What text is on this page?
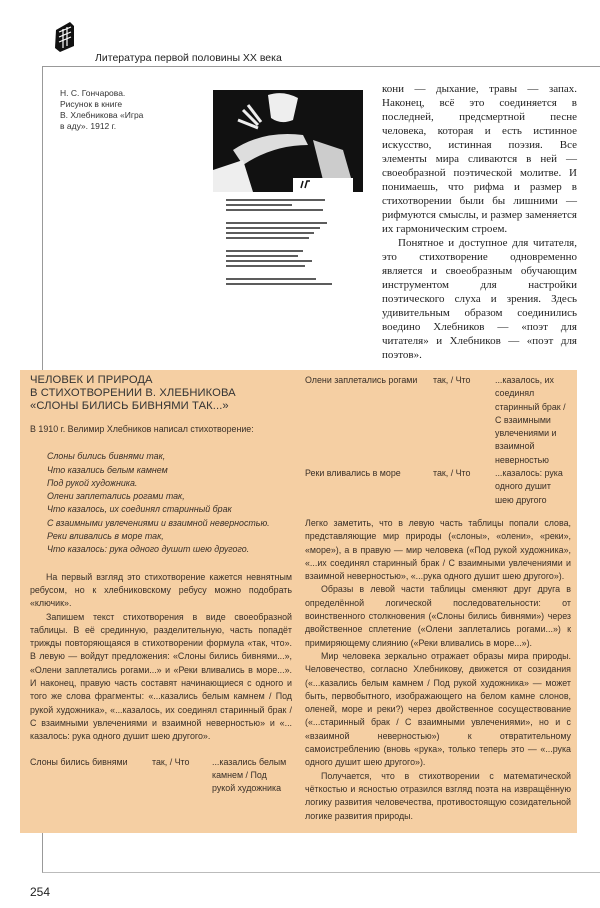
Литература первой половины XX века
Н. С. Гончарова.
Рисунок в книге
В. Хлебникова «Игра
в аду». 1912 г.

кони — дыхание, травы — запах. Наконец, всё это соединяется в последней, предсмертной песне человека, которая и есть истинное искусство, истинная поэзия. Все элементы мира сливаются в ней — своеобразной поэтической молитве. И понимаешь, что рифма и размер в стихотворении были бы лишними — рифмуются смыслы, и размер заменяется их гармоническим строем.

Понятное и доступное для читателя, это стихотворение одновременно является и своеобразным обучающим инструментом для настройки поэтического слуха и зрения. Здесь удивительным образом соединились воедино Хлебников — «поэт для читателя» и Хлебников — «поэт для поэтов».

ЧЕЛОВЕК И ПРИРОДА
В СТИХОТВОРЕНИИ В. ХЛЕБНИКОВА
«СЛОНЫ БИЛИСЬ БИВНЯМИ ТАК...»

В 1910 г. Велимир Хлебников написал стихотворение:

Слоны бились бивнями так,
Что казались белым камнем
Под рукой художника.
Олени заплетались рогами так,
Что казалось, их соединял старинный брак
С взаимными увлечениями и взаимной неверностью.
Реки вливались в море так,
Что казалось: рука одного душит шею другого.

На первый взгляд это стихотворение кажется невнятным ребусом, но к хлебниковскому ребусу можно подобрать «ключик».

Запишем текст стихотворения в виде своеобразной таблицы. В её срединную, разделительную, часть попадёт трижды повторяющаяся в стихотворении формула «так, что». В левую — войдут предложения: «Слоны бились бивнями...», «Олени заплетались рогами...» и «Реки вливались в море...». И наконец, правую часть составят начинающиеся с одного и того же слова фрагменты: «...казались белым камнем / Под рукой художника», «...казалось, их соединял старинный брак / С взаимными увлечениями и взаимной неверностью» и «... казалось: рука одного душит шею другого».

Слоны бились бивнями	так, / Что	...казались белым камнем / Под рукой художника
Олени заплетались рогами	так, / Что	...казалось, их соединял старинный брак / С взаимными увлечениями и взаимной неверностью
Реки вливались в море	так, / Что	...казалось: рука одного душит шею другого

Легко заметить, что в левую часть таблицы попали слова, представляющие мир природы («слоны», «олени», «реки», «море»), а в правую — мир человека («Под рукой художника», «...их соединял старинный брак / С взаимными увлечениями и взаимной неверностью», «...рука одного душит шею другого»).

Образы в левой части таблицы сменяют друг друга в определённой логической последовательности: от воинственного столкновения («Слоны бились бивнями») через двойственное сплетение («Олени заплетались рогами...») к примиряющему слиянию («Реки вливались в море...»).

Мир человека зеркально отражает образы мира природы. Человечество, согласно Хлебникову, движется от созидания («...казались белым камнем / Под рукой художника» — может быть, первобытного, изображающего на белом камне слонов, оленей, море и реки?) через двойственное сосуществование («...старинный брак / С взаимными увлечениями», но и с «взаимной неверностью») к отвратительному самоистреблению (вновь «рука», только теперь это — «...рука одного душит шею другого»).

Получается, что в стихотворении с математической чёткостью и ясностью отразился взгляд поэта на извращённую логику развития человечества, противостоящую созидательной логике развития природы.

254
